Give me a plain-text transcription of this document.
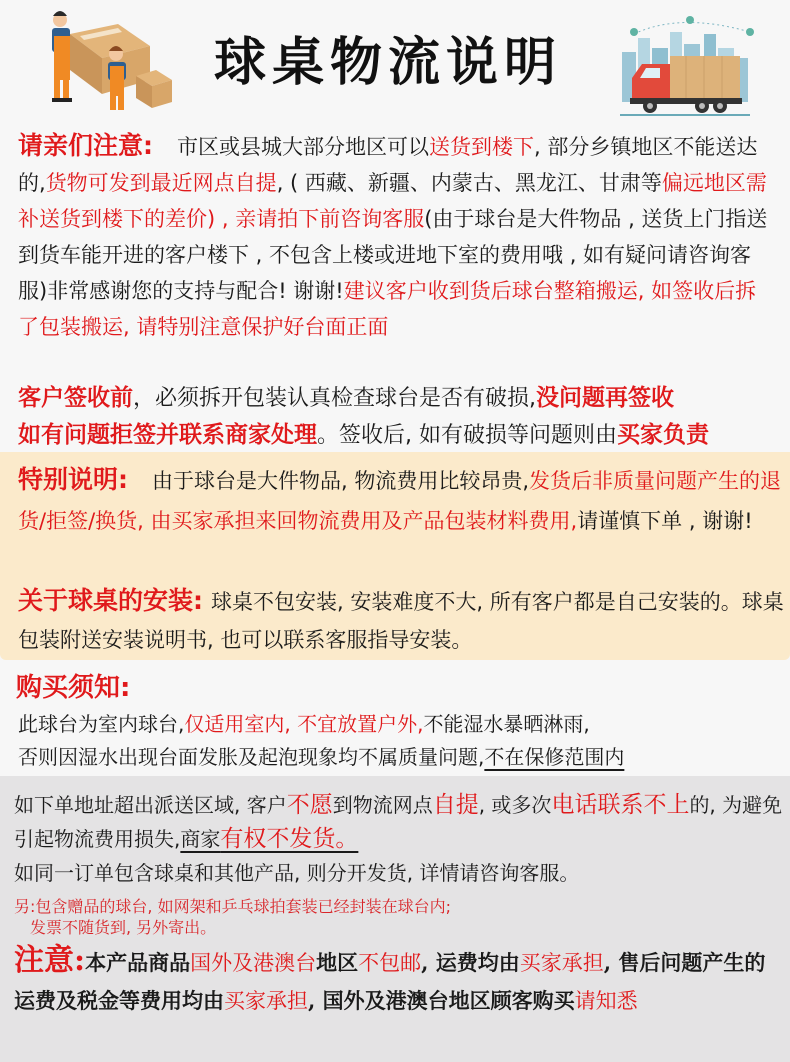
球桌物流说明

请亲们注意: 市区或县城大部分地区可以送货到楼下, 部分乡镇地区不能送达的,货物可发到最近网点自提, ( 西藏、新疆、内蒙古、黑龙江、甘肃等偏远地区需补送货到楼下的差价) , 亲请拍下前咨询客服(由于球台是大件物品 , 送货上门指送到货车能开进的客户楼下 , 不包含上楼或进地下室的费用哦 , 如有疑问请咨询客服)非常感谢您的支持与配合! 谢谢!建议客户收到货后球台整箱搬运, 如签收后拆了包装搬运, 请特别注意保护好台面正面

客户签收前，必须拆开包装认真检查球台是否有破损,没问题再签收
如有问题拒签并联系商家处理。签收后, 如有破损等问题则由买家负责

特别说明: 由于球台是大件物品, 物流费用比较昂贵,发货后非质量问题产生的退货/拒签/换货, 由买家承担来回物流费用及产品包装材料费用,请谨慎下单 , 谢谢!

关于球桌的安装: 球桌不包安装, 安装难度不大, 所有客户都是自己安装的。球桌包装附送安装说明书, 也可以联系客服指导安装。

购买须知:

此球台为室内球台,仅适用室内, 不宜放置户外,不能湿水暴晒淋雨,
否则因湿水出现台面发胀及起泡现象均不属质量问题,不在保修范围内

如下单地址超出派送区域, 客户不愿到物流网点自提, 或多次电话联系不上的, 为避免引起物流费用损失,商家有权不发货。
如同一订单包含球桌和其他产品, 则分开发货, 详情请咨询客服。

另:包含赠品的球台, 如网架和乒乓球拍套装已经封装在球台内;
发票不随货到, 另外寄出。

注意:本产品商品国外及港澳台地区不包邮, 运费均由买家承担, 售后问题产生的运费及税金等费用均由买家承担, 国外及港澳台地区顾客购买请知悉
